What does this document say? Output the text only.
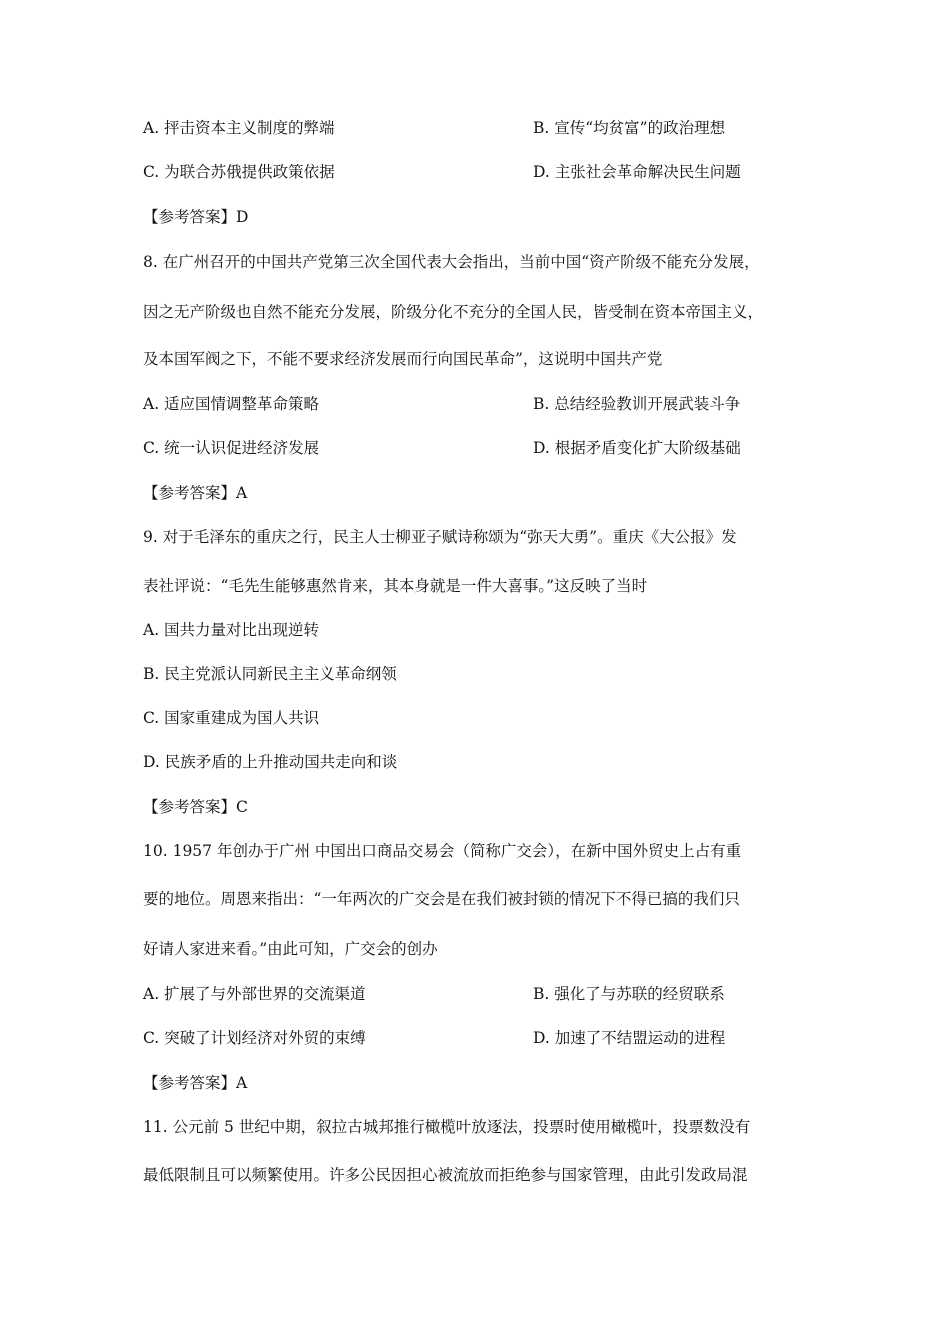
A. 抨击资本主义制度的弊端	B. 宣传“均贫富”的政治理想
C. 为联合苏俄提供政策依据	D. 主张社会革命解决民生问题
【参考答案】D
8. 在广州召开的中国共产党第三次全国代表大会指出，当前中国“资产阶级不能充分发展，
因之无产阶级也自然不能充分发展，阶级分化不充分的全国人民，皆受制在资本帝国主义，
及本国军阀之下，不能不要求经济发展而行向国民革命”，这说明中国共产党
A. 适应国情调整革命策略	B. 总结经验教训开展武装斗争
C. 统一认识促进经济发展	D. 根据矛盾变化扩大阶级基础
【参考答案】A
9. 对于毛泽东的重庆之行，民主人士柳亚子赋诗称颂为“弥天大勇”。重庆《大公报》发
表社评说：“毛先生能够惠然肯来，其本身就是一件大喜事。”这反映了当时
A. 国共力量对比出现逆转
B. 民主党派认同新民主主义革命纲领
C. 国家重建成为国人共识
D. 民族矛盾的上升推动国共走向和谈
【参考答案】C
10. 1957 年创办于广州 中国出口商品交易会（简称广交会），在新中国外贸史上占有重
要的地位。周恩来指出：“一年两次的广交会是在我们被封锁的情况下不得已搞的我们只
好请人家进来看。”由此可知，广交会的创办
A. 扩展了与外部世界的交流渠道	B. 强化了与苏联的经贸联系
C. 突破了计划经济对外贸的束缚	D. 加速了不结盟运动的进程
【参考答案】A
11. 公元前 5 世纪中期，叙拉古城邦推行橄榄叶放逐法，投票时使用橄榄叶，投票数没有
最低限制且可以频繁使用。许多公民因担心被流放而拒绝参与国家管理，由此引发政局混
